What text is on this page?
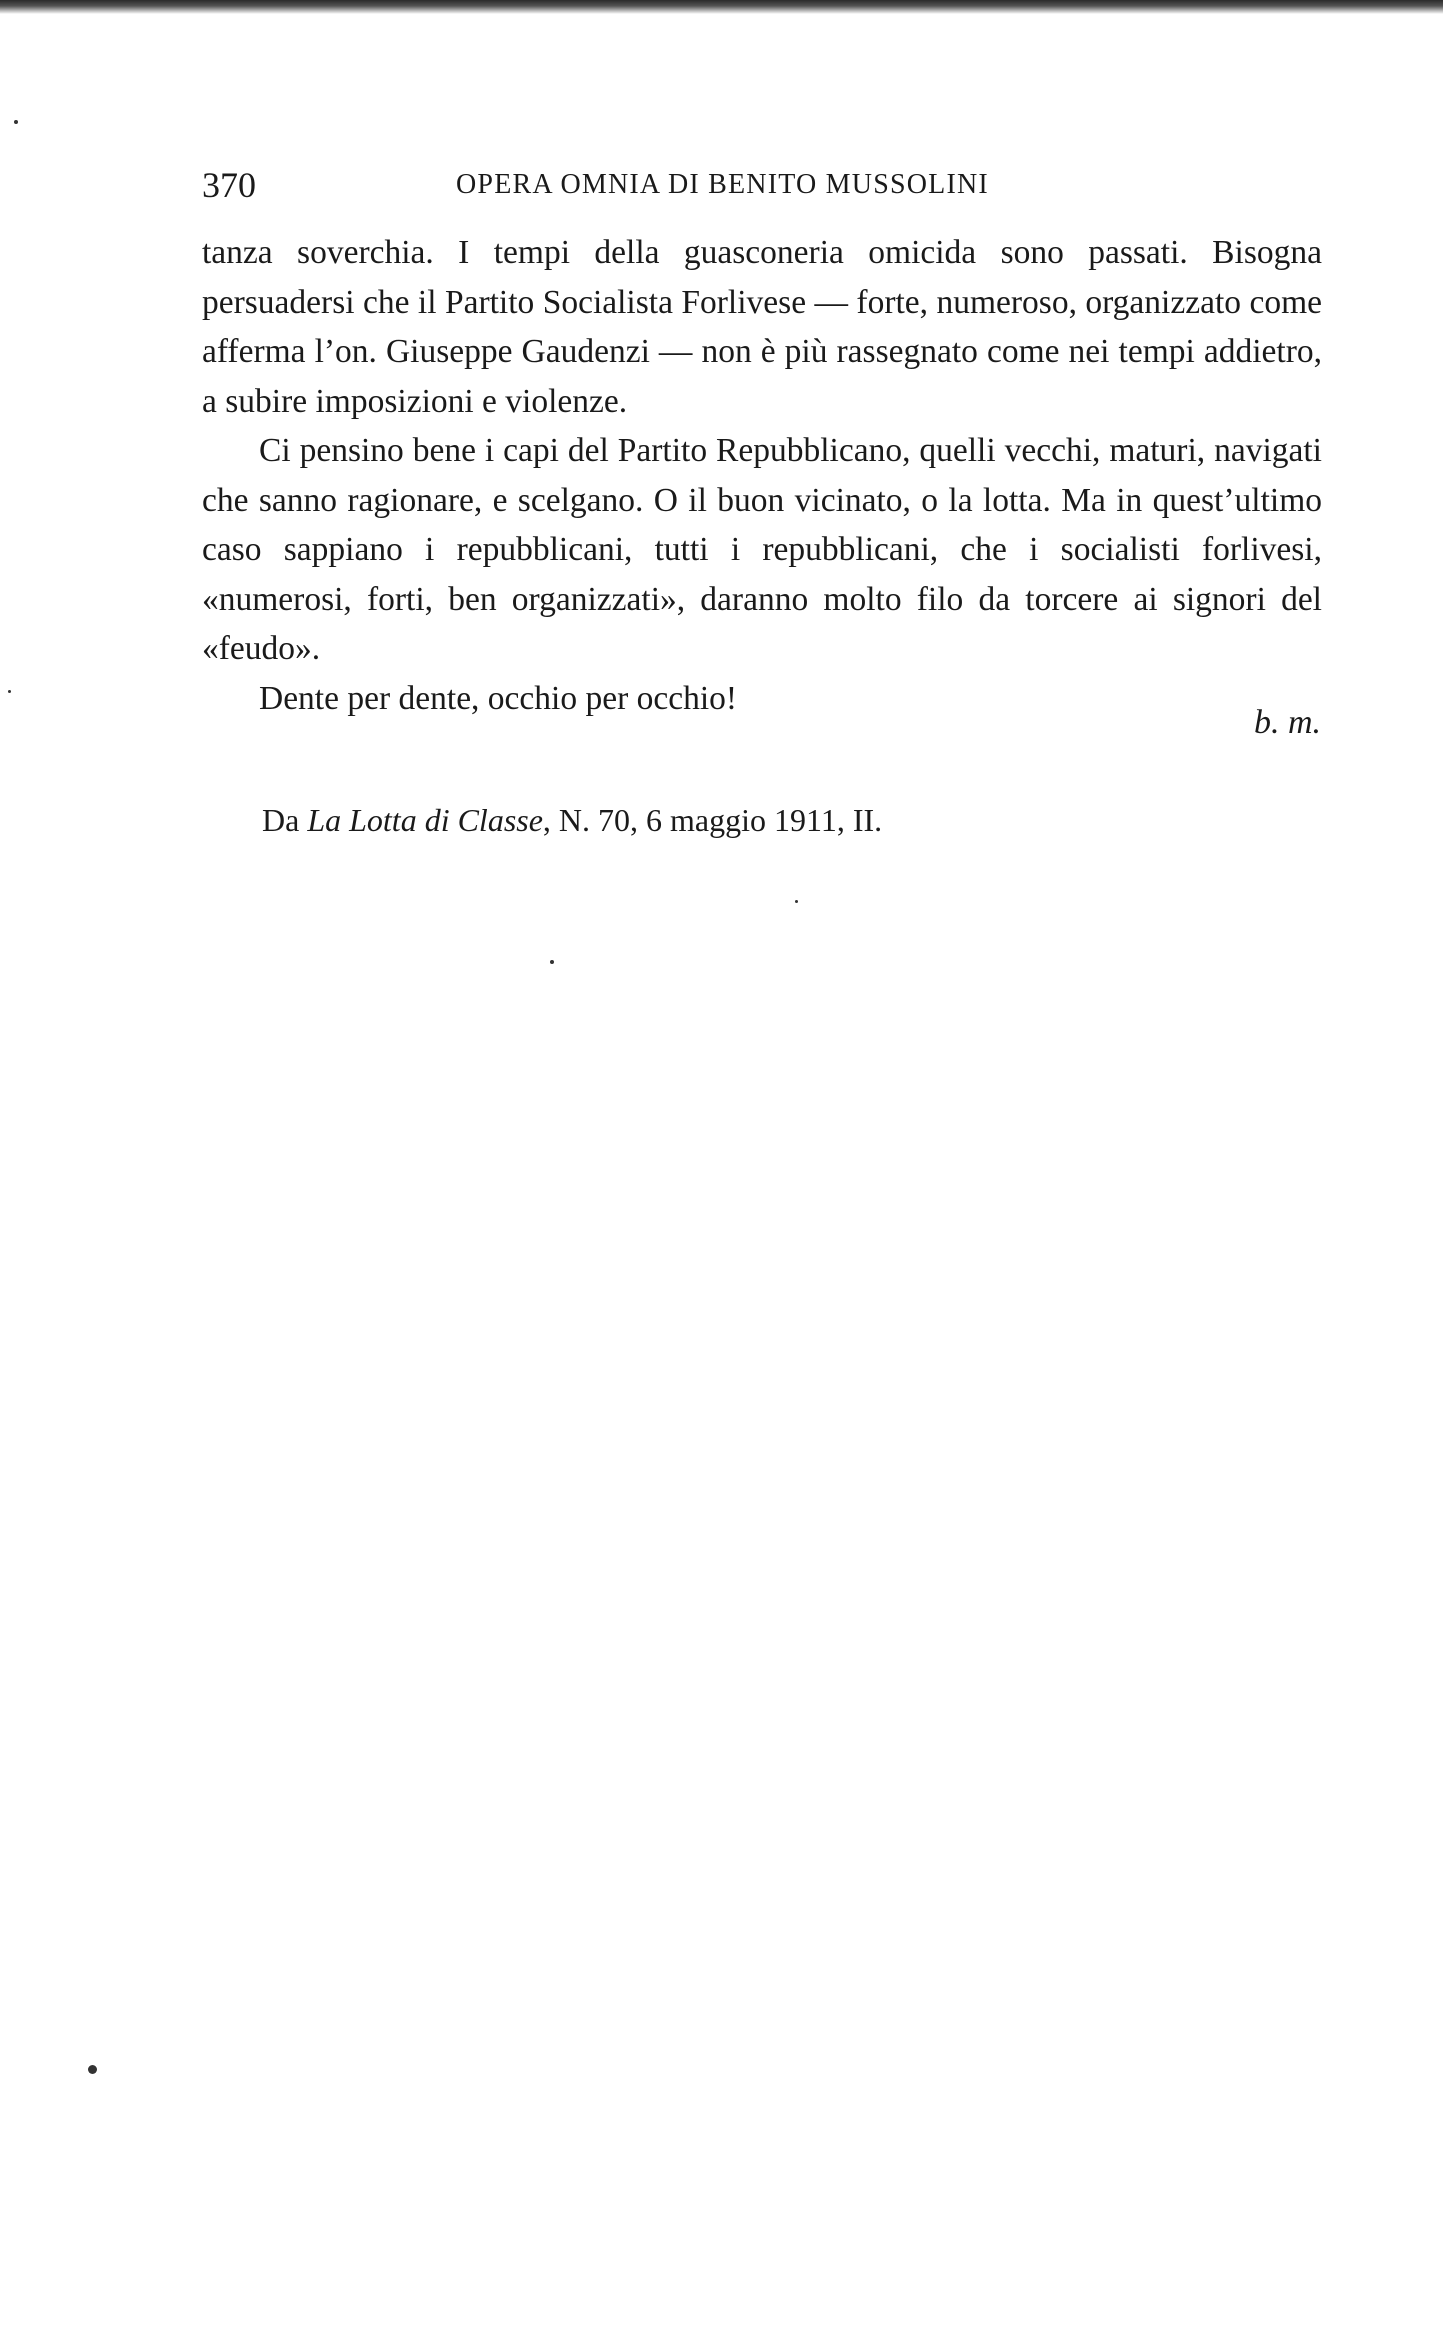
370	OPERA OMNIA DI BENITO MUSSOLINI

tanza soverchia. I tempi della guasconeria omicida sono passati. Bisogna persuadersi che il Partito Socialista Forlivese — forte, numeroso, organizzato come afferma l’on. Giuseppe Gaudenzi — non è più rassegnato come nei tempi addietro, a subire imposizioni e violenze.

Ci pensino bene i capi del Partito Repubblicano, quelli vecchi, maturi, navigati che sanno ragionare, e scelgano. O il buon vicinato, o la lotta. Ma in quest’ultimo caso sappiano i repubblicani, tutti i repubblicani, che i socialisti forlivesi, «numerosi, forti, ben organizzati», daranno molto filo da torcere ai signori del «feudo».

Dente per dente, occhio per occhio!

b. m.
Da La Lotta di Classe, N. 70, 6 maggio 1911, II.
